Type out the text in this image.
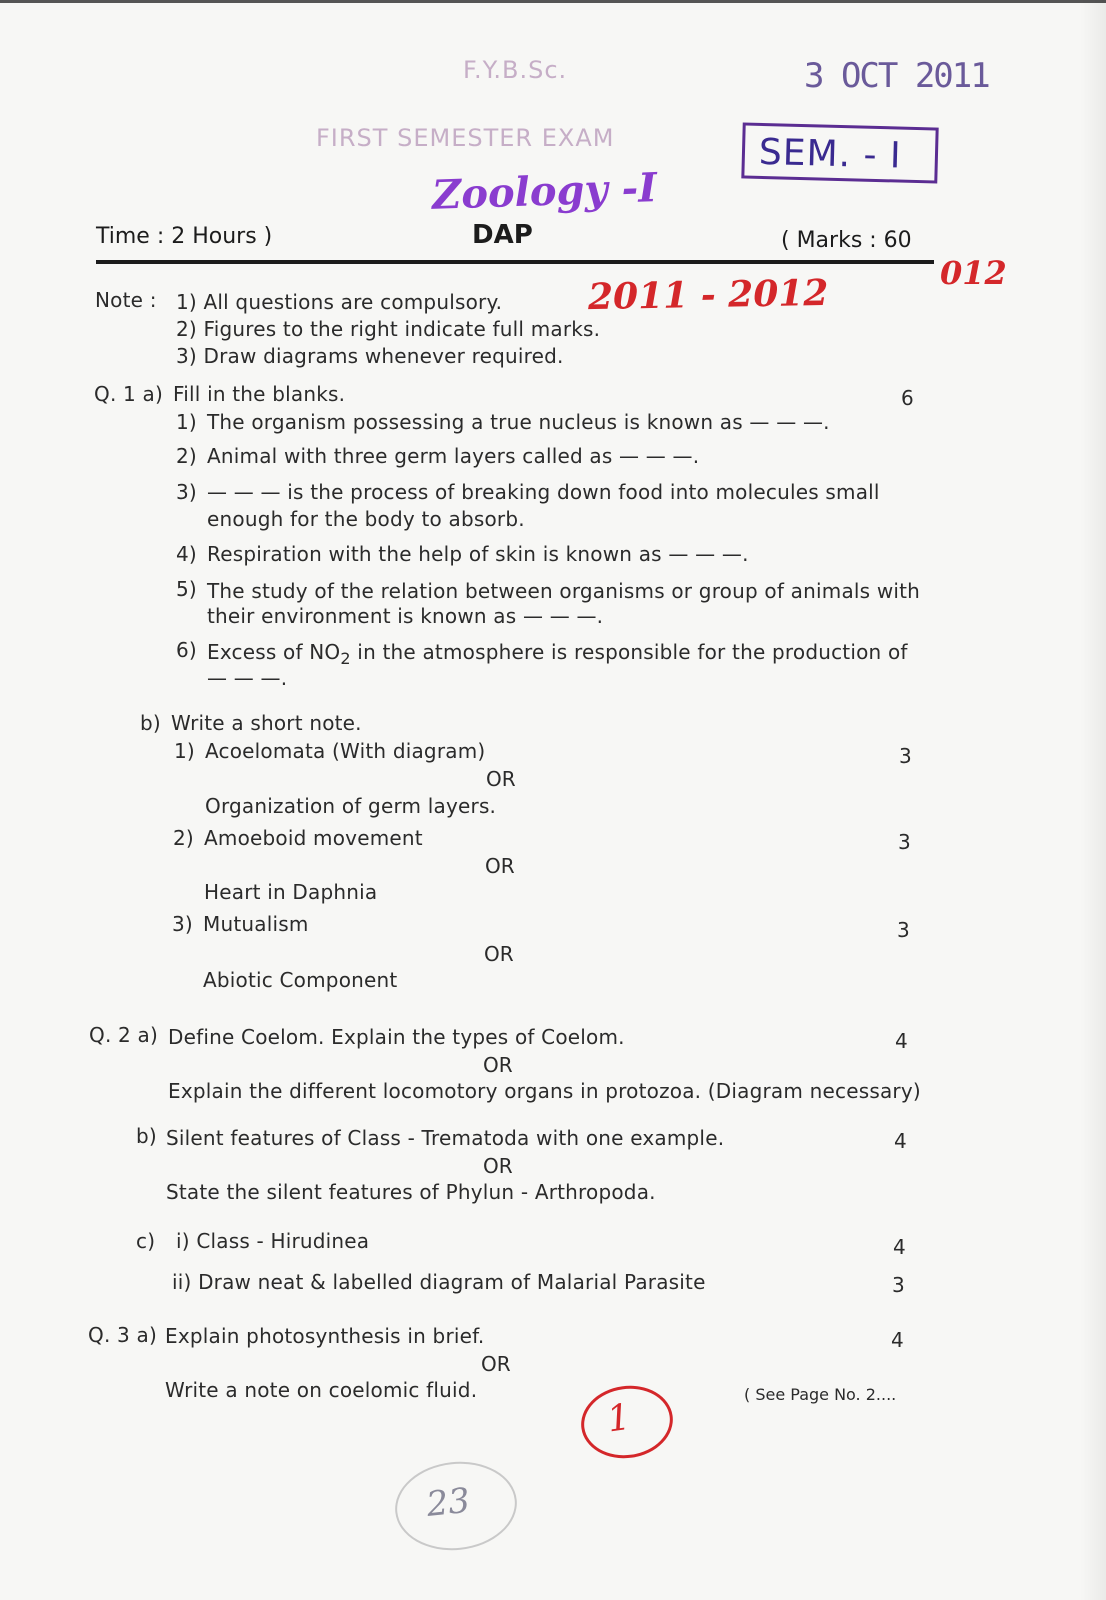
F.Y.B.Sc.	3 OCT 2011
FIRST SEMESTER EXAM	SEM. - I
Zoology -I
2011 - 2012	012
Time : 2 Hours )	DAP	( Marks : 60
Note : 1) All questions are compulsory.
2) Figures to the right indicate full marks.
3) Draw diagrams whenever required.
Q. 1 a) Fill in the blanks.	6
1) The organism possessing a true nucleus is known as — — —.
2) Animal with three germ layers called as — — —.
3) — — — is the process of breaking down food into molecules small
enough for the body to absorb.
4) Respiration with the help of skin is known as — — —.
5) The study of the relation between organisms or group of animals with
their environment is known as — — —.
6) Excess of $NO_2$ in the atmosphere is responsible for the production of
— — —.
b) Write a short note.
1) Acoelomata (With diagram)	3
OR
Organization of germ layers.
2) Amoeboid movement	3
OR
Heart in Daphnia
3) Mutualism	3
OR
Abiotic Component
Q. 2 a) Define Coelom. Explain the types of Coelom.	4
OR
Explain the different locomotory organs in protozoa. (Diagram necessary)
b) Silent features of Class - Trematoda with one example.	4
OR
State the silent features of Phylun - Arthropoda.
c) i) Class - Hirudinea	4
ii) Draw neat & labelled diagram of Malarial Parasite	3
Q. 3 a) Explain photosynthesis in brief.	4
OR
Write a note on coelomic fluid.	( See Page No. 2....
1
23
